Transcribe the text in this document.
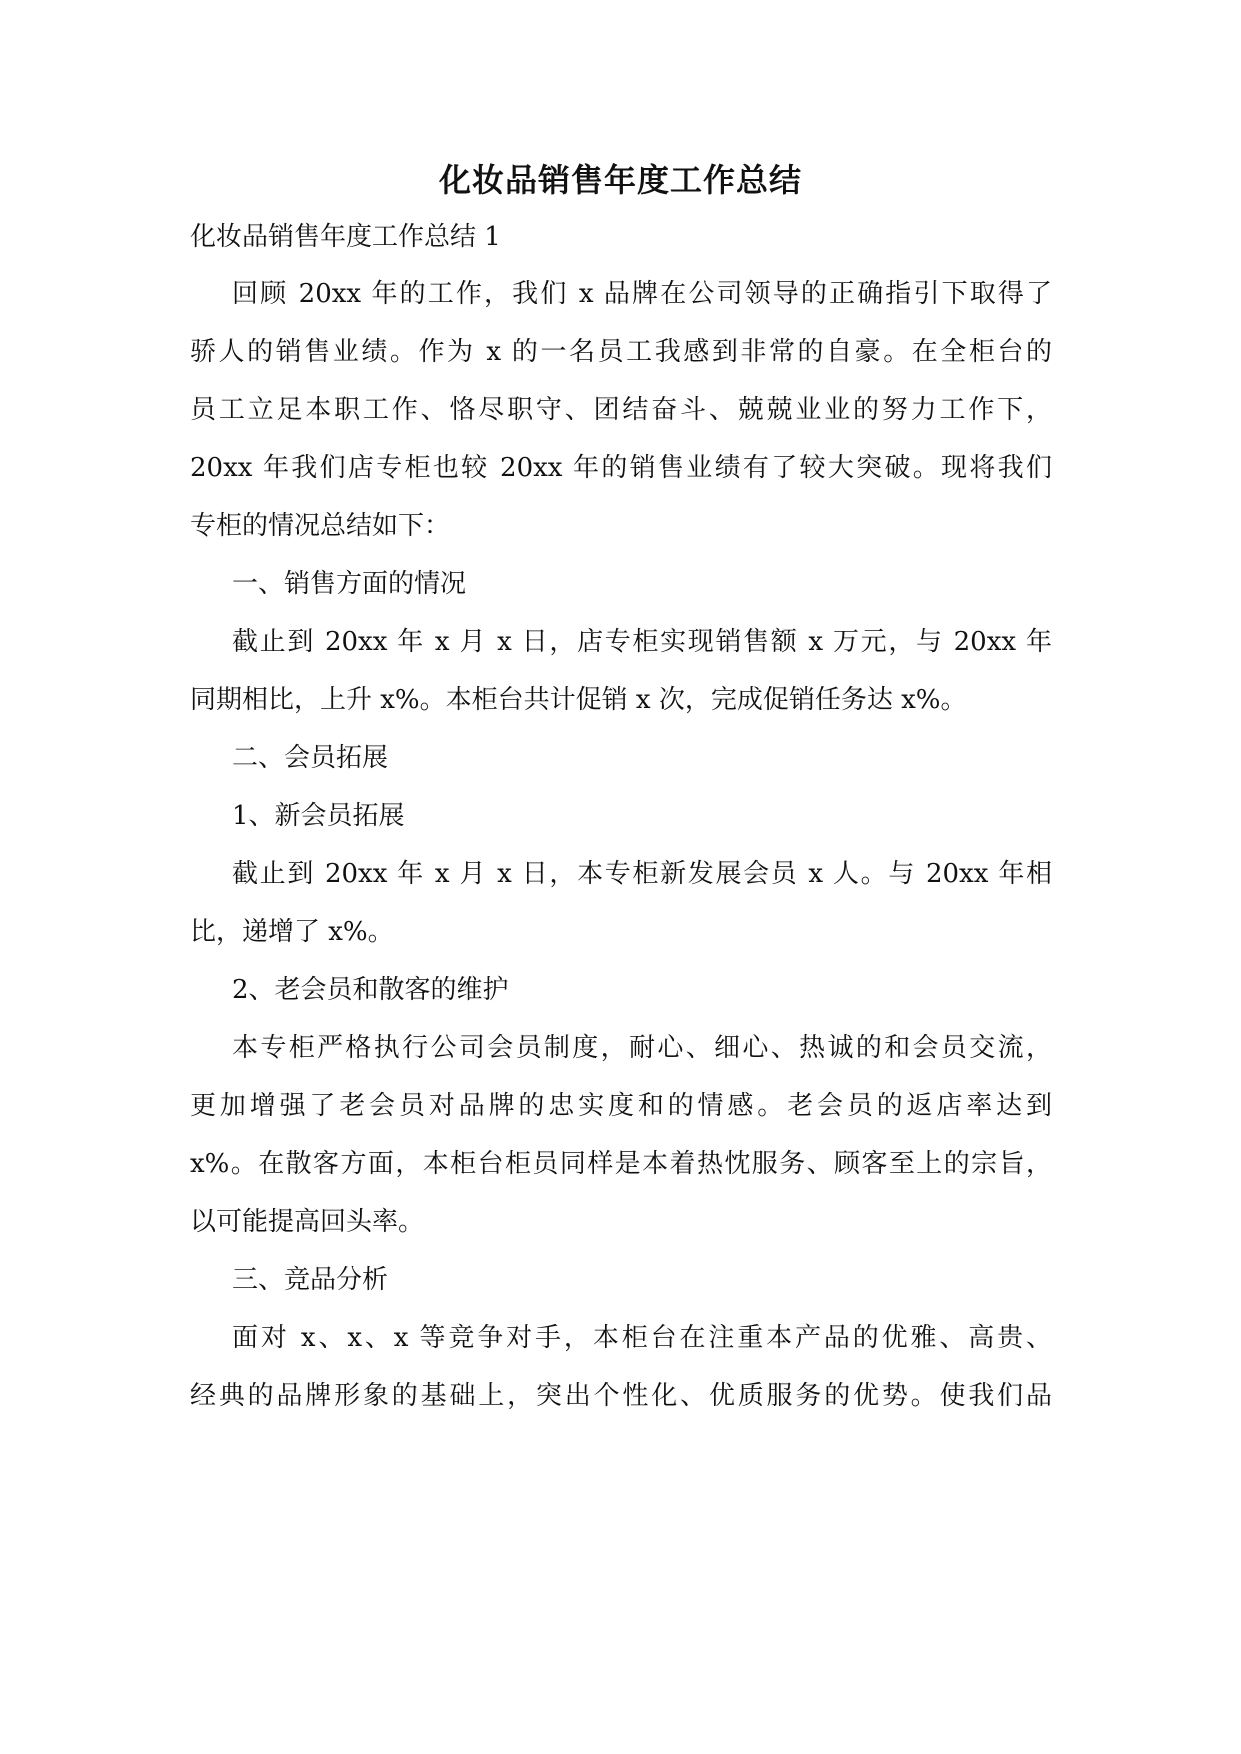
化妆品销售年度工作总结

化妆品销售年度工作总结 1

回顾 20xx 年的工作，我们 x 品牌在公司领导的正确指引下取得了

骄人的销售业绩。作为 x 的一名员工我感到非常的自豪。在全柜台的

员工立足本职工作、恪尽职守、团结奋斗、兢兢业业的努力工作下，

20xx 年我们店专柜也较 20xx 年的销售业绩有了较大突破。现将我们

专柜的情况总结如下：

一、销售方面的情况

截止到 20xx 年 x 月 x 日，店专柜实现销售额 x 万元，与 20xx 年

同期相比，上升 x%。本柜台共计促销 x 次，完成促销任务达 x%。

二、会员拓展

1、新会员拓展

截止到 20xx 年 x 月 x 日，本专柜新发展会员 x 人。与 20xx 年相

比，递增了 x%。

2、老会员和散客的维护

本专柜严格执行公司会员制度，耐心、细心、热诚的和会员交流，

更加增强了老会员对品牌的忠实度和的情感。老会员的返店率达到

x%。在散客方面，本柜台柜员同样是本着热忱服务、顾客至上的宗旨，

以可能提高回头率。

三、竞品分析

面对 x、x、x 等竞争对手，本柜台在注重本产品的优雅、高贵、

经典的品牌形象的基础上，突出个性化、优质服务的优势。使我们品
